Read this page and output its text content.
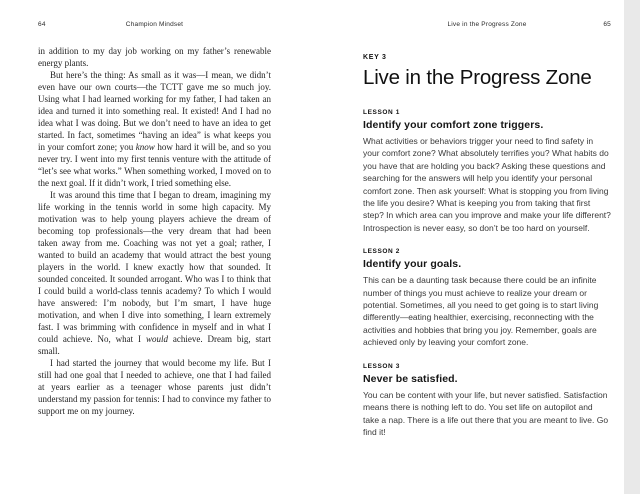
64	Champion Mindset

in addition to my day job working on my father’s renewable energy plants.

But here’s the thing: As small as it was—I mean, we didn’t even have our own courts—the TCTT gave me so much joy. Using what I had learned working for my father, I had taken an idea and turned it into something real. It existed! And I had no idea what I was doing. But we don’t need to have an idea to get started. In fact, sometimes “having an idea” is what keeps you in your comfort zone; you know how hard it will be, and so you never try. I went into my first tennis venture with the attitude of “let’s see what works.” When something worked, I moved on to the next goal. If it didn’t work, I tried something else.

It was around this time that I began to dream, imagining my life working in the tennis world in some high capacity. My motivation was to help young players achieve the dream of becoming top professionals—the very dream that had been taken away from me. Coaching was not yet a goal; rather, I wanted to build an academy that would attract the best young players in the world. I knew exactly how that sounded. It sounded conceited. It sounded arrogant. Who was I to think that I could build a world-class tennis academy? To which I would have answered: I’m nobody, but I’m smart, I have huge motivation, and when I dive into something, I learn extremely fast. I was brimming with confidence in myself and in what I could achieve. No, what I would achieve. Dream big, start small.

I had started the journey that would become my life. But I still had one goal that I needed to achieve, one that I had failed at years earlier as a teenager whose parents just didn’t understand my passion for tennis: I had to convince my father to support me on my journey.

Live in the Progress Zone	65
KEY 3
Live in the Progress Zone
LESSON 1
Identify your comfort zone triggers.

What activities or behaviors trigger your need to find safety in your comfort zone? What absolutely terrifies you? What habits do you have that are holding you back? Asking these questions and searching for the answers will help you identify your personal comfort zone. Then ask yourself: What is stopping you from living the life you desire? What is keeping you from taking that first step? In which area can you improve and make your life different? Introspection is never easy, so don’t be too hard on yourself.

LESSON 2
Identify your goals.

This can be a daunting task because there could be an infinite number of things you must achieve to realize your dream or potential. Sometimes, all you need to get going is to start living differently—eating healthier, exercising, reconnecting with the activities and hobbies that bring you joy. Remember, goals are achieved only by leaving your comfort zone.

LESSON 3
Never be satisfied.

You can be content with your life, but never satisfied. Satisfaction means there is nothing left to do. You set life on autopilot and take a nap. There is a life out there that you are meant to live. Go find it!
